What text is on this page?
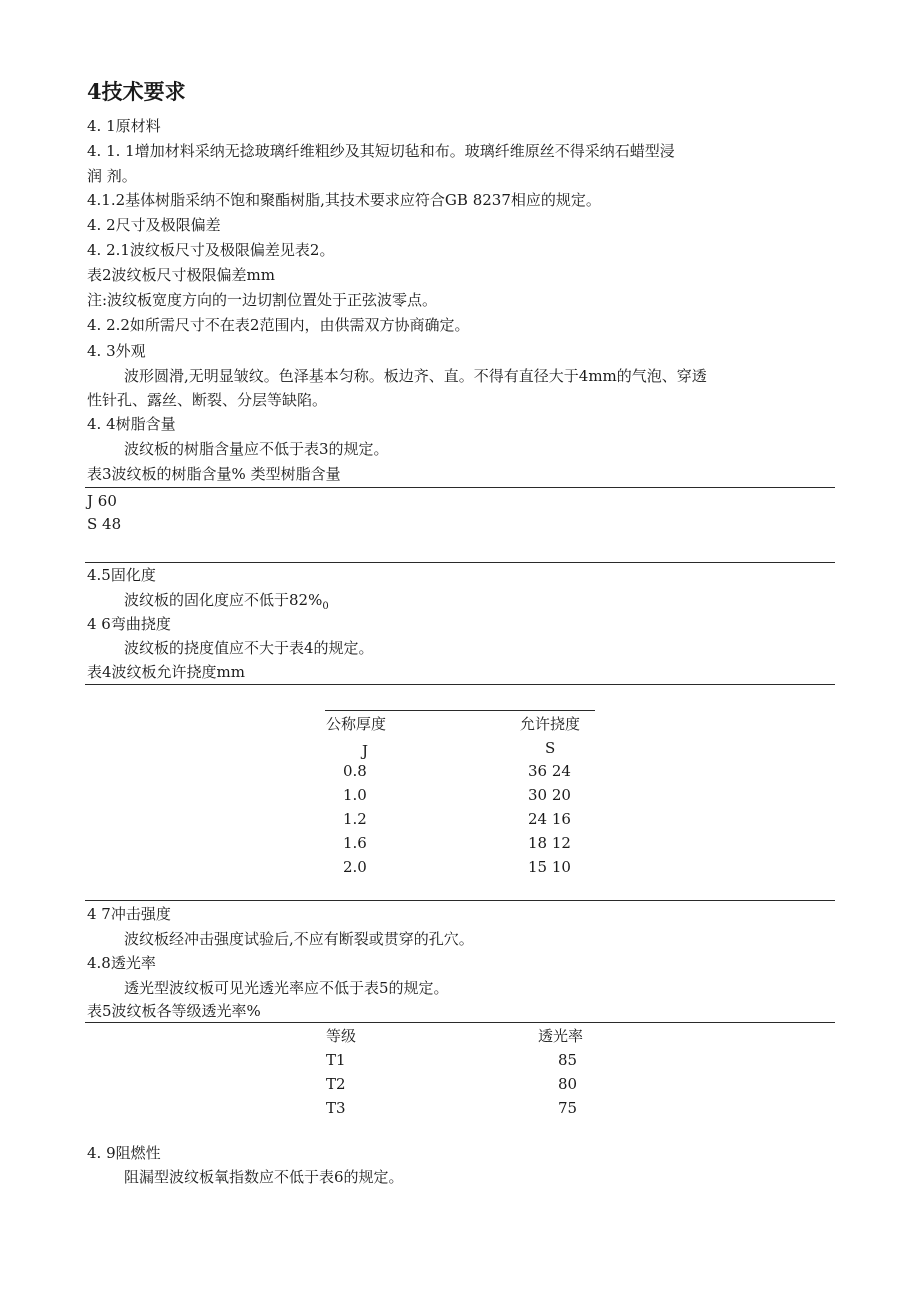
4技术要求

4. 1原材料

4. 1. 1增加材料采纳无捻玻璃纤维粗纱及其短切毡和布。玻璃纤维原丝不得采纳石蜡型浸

润 剂。

4.1.2基体树脂采纳不饱和聚酯树脂,其技术要求应符合GB 8237相应的规定。

4. 2尺寸及极限偏差

4. 2.1波纹板尺寸及极限偏差见表2。

表2波纹板尺寸极限偏差mm

注:波纹板宽度方向的一边切割位置处于正弦波零点。

4. 2.2如所需尺寸不在表2范围内，由供需双方协商确定。

4. 3外观

波形圆滑,无明显皱纹。色泽基本匀称。板边齐、直。不得有直径大于4mm的气泡、穿透

性针孔、露丝、断裂、分层等缺陷。

4. 4树脂含量

波纹板的树脂含量应不低于表3的规定。

表3波纹板的树脂含量% 类型树脂含量

J 60

S 48

4.5固化度

波纹板的固化度应不低于$82\%_0$

4 6弯曲挠度

波纹板的挠度值应不大于表4的规定。

表4波纹板允许挠度mm

公称厚度	允许挠度
J	S
0.8	36 24
1.0	30 20
1.2	24 16
1.6	18 12
2.0	15 10

4 7冲击强度

波纹板经冲击强度试验后,不应有断裂或贯穿的孔穴。

4.8透光率

透光型波纹板可见光透光率应不低于表5的规定。

表5波纹板各等级透光率%

等级	透光率
T1	85
T2	80
T3	75

4. 9阻燃性

阻漏型波纹板氧指数应不低于表6的规定。
